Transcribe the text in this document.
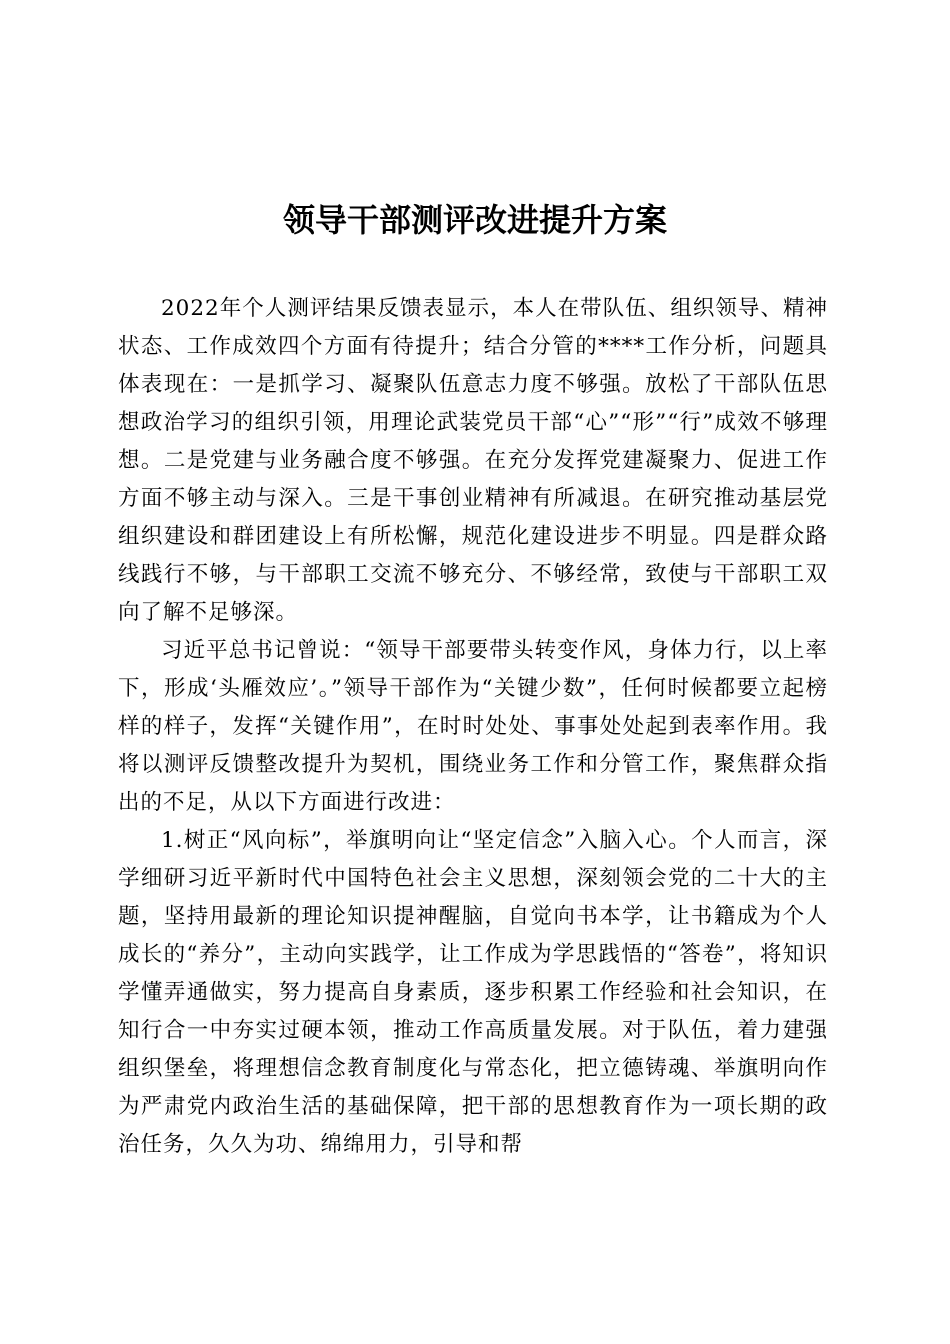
领导干部测评改进提升方案

2022年个人测评结果反馈表显示，本人在带队伍、组织领导、精神状态、工作成效四个方面有待提升；结合分管的****工作分析，问题具体表现在：一是抓学习、凝聚队伍意志力度不够强。放松了干部队伍思想政治学习的组织引领，用理论武装党员干部“心”“形”“行”成效不够理想。二是党建与业务融合度不够强。在充分发挥党建凝聚力、促进工作方面不够主动与深入。三是干事创业精神有所减退。在研究推动基层党组织建设和群团建设上有所松懈，规范化建设进步不明显。四是群众路线践行不够，与干部职工交流不够充分、不够经常，致使与干部职工双向了解不足够深。

习近平总书记曾说：“领导干部要带头转变作风，身体力行，以上率下，形成‘头雁效应’。”领导干部作为“关键少数”，任何时候都要立起榜样的样子，发挥“关键作用”，在时时处处、事事处处起到表率作用。我将以测评反馈整改提升为契机，围绕业务工作和分管工作，聚焦群众指出的不足，从以下方面进行改进：

1.树正“风向标”，举旗明向让“坚定信念”入脑入心。个人而言，深学细研习近平新时代中国特色社会主义思想，深刻领会党的二十大的主题，坚持用最新的理论知识提神醒脑，自觉向书本学，让书籍成为个人成长的“养分”，主动向实践学，让工作成为学思践悟的“答卷”，将知识学懂弄通做实，努力提高自身素质，逐步积累工作经验和社会知识，在知行合一中夯实过硬本领，推动工作高质量发展。对于队伍，着力建强组织堡垒，将理想信念教育制度化与常态化，把立德铸魂、举旗明向作为严肃党内政治生活的基础保障，把干部的思想教育作为一项长期的政治任务，久久为功、绵绵用力，引导和帮
